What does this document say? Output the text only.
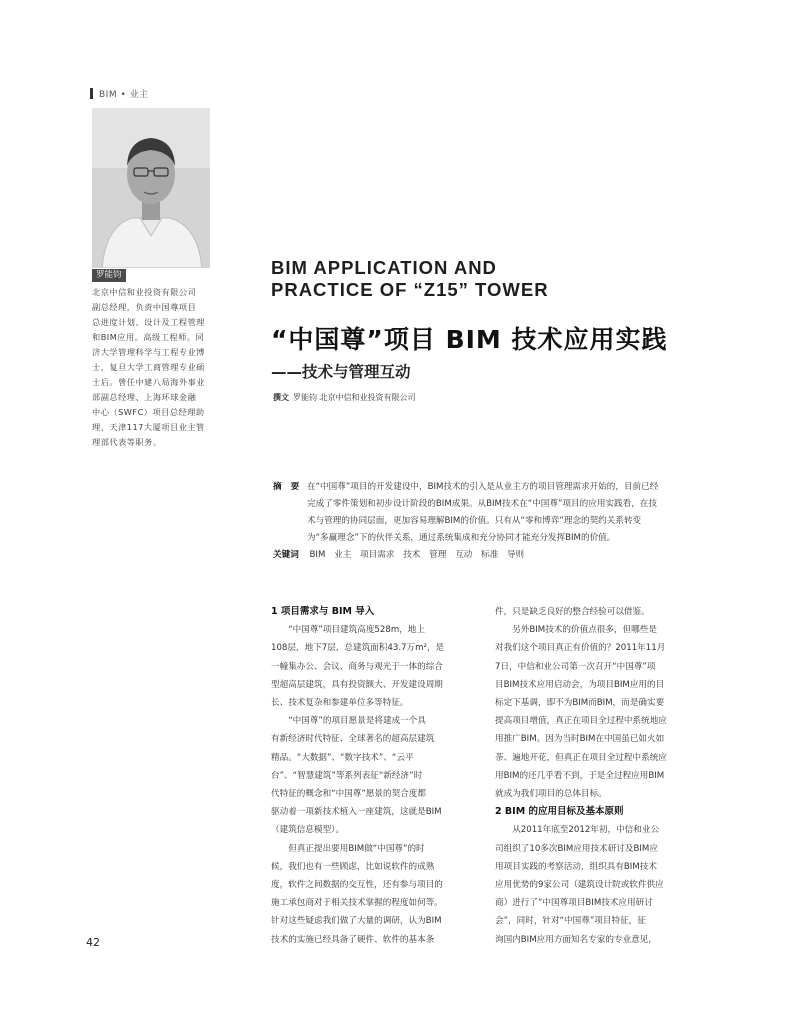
BIM • 业主
罗能钧
北京中信和业投资有限公司
副总经理，负责中国尊项目
总进度计划、设计及工程管理
和BIM应用。高级工程师。同
济大学管理科学与工程专业博
士，复旦大学工商管理专业硕
士后。曾任中建八局海外事业
部副总经理、上海环球金融
中心（SWFC）项目总经理助
理、天津117大厦项目业主管
理部代表等职务。
BIM APPLICATION AND
PRACTICE OF “Z15” TOWER
“中国尊”项目 BIM 技术应用实践
——技术与管理互动
撰文 罗能钧 北京中信和业投资有限公司
摘 要 在“中国尊”项目的开发建设中，BIM技术的引入是从业主方的项目管理需求开始的，目前已经
完成了零件策划和初步设计阶段的BIM成果。从BIM技术在“中国尊”项目的应用实践看，在技
术与管理的协同层面，更加容易理解BIM的价值。只有从“零和博弈”理念的契约关系转变
为“多赢理念”下的伙伴关系，通过系统集成和充分协同才能充分发挥BIM的价值。
关键词 BIM 业主 项目需求 技术 管理 互动 标准 导则
1 项目需求与 BIM 导入
　　“中国尊”项目建筑高度528m，地上
108层，地下7层，总建筑面积43.7万m²，是
一幢集办公、会议、商务与观光于一体的综合
型超高层建筑，具有投资额大、开发建设周期
长、技术复杂和参建单位多等特征。
　　“中国尊”的项目愿景是将建成一个具
有新经济时代特征、全球著名的超高层建筑
精品。“大数据”、“数字技术”、“云平
台”、“智慧建筑”等系列表征“新经济”时
代特征的概念和“中国尊”愿景的契合度都
驱动着一项新技术植入一座建筑，这就是BIM
（建筑信息模型）。
　　但真正提出要用BIM做“中国尊”的时
候，我们也有一些顾虑，比如说软件的成熟
度，软件之间数据的交互性，还有参与项目的
施工承包商对于相关技术掌握的程度如何等。
针对这些疑虑我们做了大量的调研，认为BIM
技术的实施已经具备了硬件、软件的基本条
件，只是缺乏良好的整合经验可以借鉴。
　　另外BIM技术的价值点很多，但哪些是
对我们这个项目真正有价值的？2011年11月
7日，中信和业公司第一次召开“中国尊”项
目BIM技术应用启动会，为项目BIM应用的目
标定下基调，即不为BIM而BIM，而是确实要
提高项目增值，真正在项目全过程中系统地应
用推广BIM。因为当时BIM在中国虽已如火如
荼、遍地开花，但真正在项目全过程中系统应
用BIM的还几乎看不到，于是全过程应用BIM
就成为我们项目的总体目标。
2 BIM 的应用目标及基本原则
　　从2011年底至2012年初，中信和业公
司组织了10多次BIM应用技术研讨及BIM应
用项目实践的考察活动，组织具有BIM技术
应用优势的9家公司（建筑设计院或软件供应
商）进行了“中国尊项目BIM技术应用研讨
会”，同时，针对“中国尊”项目特征，征
询国内BIM应用方面知名专家的专业意见，
42
